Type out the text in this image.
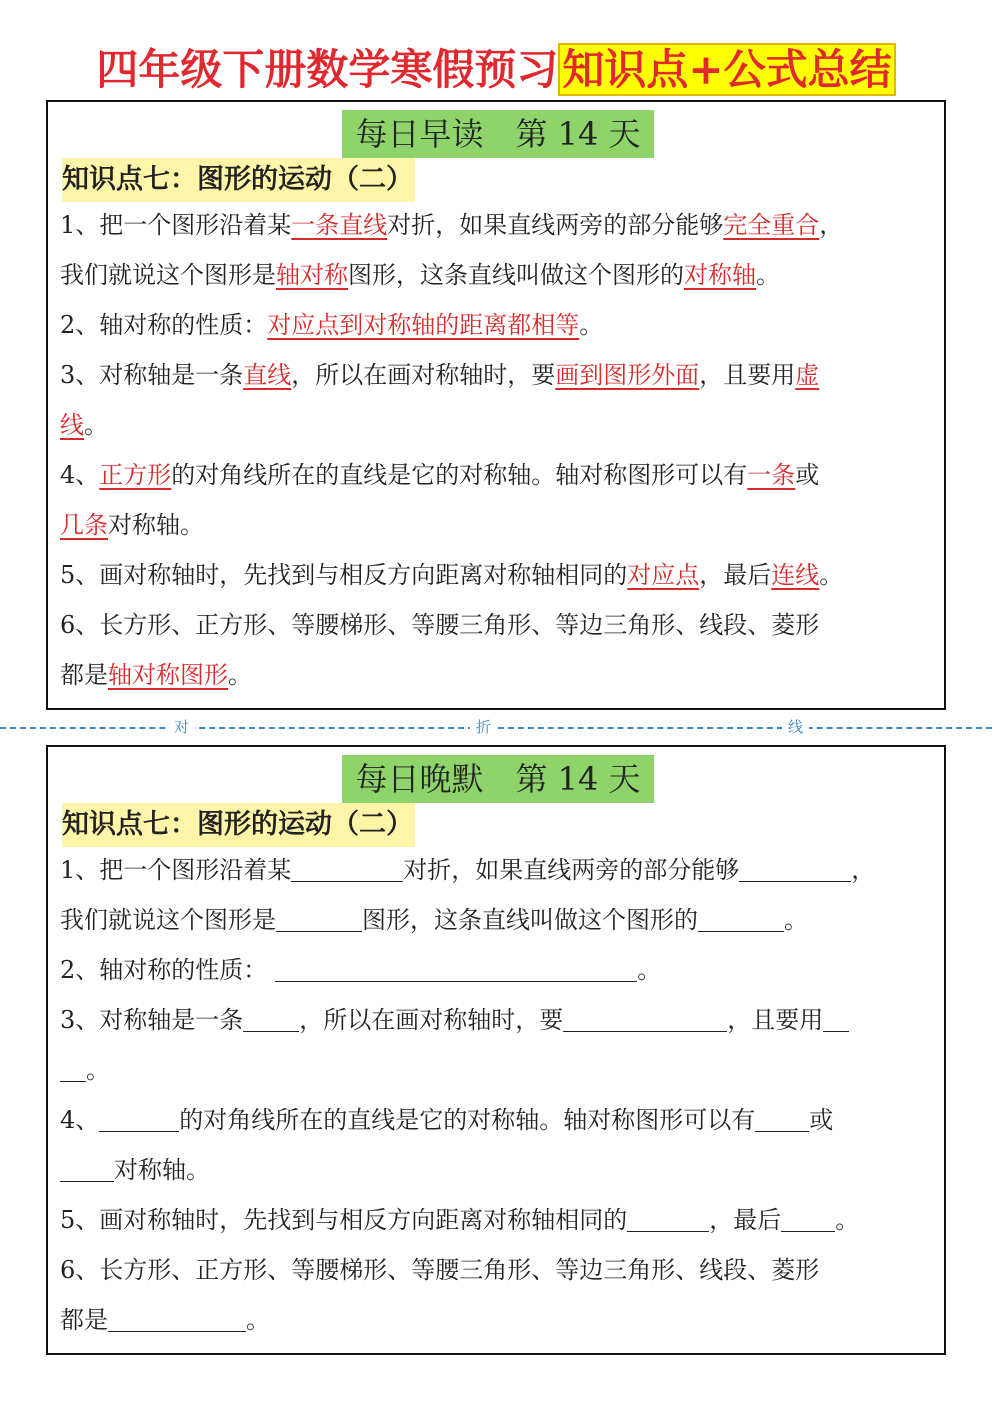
四年级下册数学寒假预习知识点+公式总结
每日早读　第 14 天
知识点七：图形的运动（二）
1、把一个图形沿着某一条直线对折，如果直线两旁的部分能够完全重合，
我们就说这个图形是轴对称图形，这条直线叫做这个图形的对称轴。
2、轴对称的性质：对应点到对称轴的距离都相等。
3、对称轴是一条直线，所以在画对称轴时，要画到图形外面，且要用虚
线。
4、正方形的对角线所在的直线是它的对称轴。轴对称图形可以有一条或
几条对称轴。
5、画对称轴时，先找到与相反方向距离对称轴相同的对应点，最后连线。
6、长方形、正方形、等腰梯形、等腰三角形、等边三角形、线段、菱形
都是轴对称图形。
对	折	线
每日晚默　第 14 天
知识点七：图形的运动（二）
1、把一个图形沿着某	对折，如果直线两旁的部分能够	，
我们就说这个图形是	图形，这条直线叫做这个图形的	。
2、轴对称的性质：	。
3、对称轴是一条 ，所以在画对称轴时，要	，且要用
。
4、	的对角线所在的直线是它的对称轴。轴对称图形可以有 或
对称轴。
5、画对称轴时，先找到与相反方向距离对称轴相同的	，最后 。
6、长方形、正方形、等腰梯形、等腰三角形、等边三角形、线段、菱形
都是	。
